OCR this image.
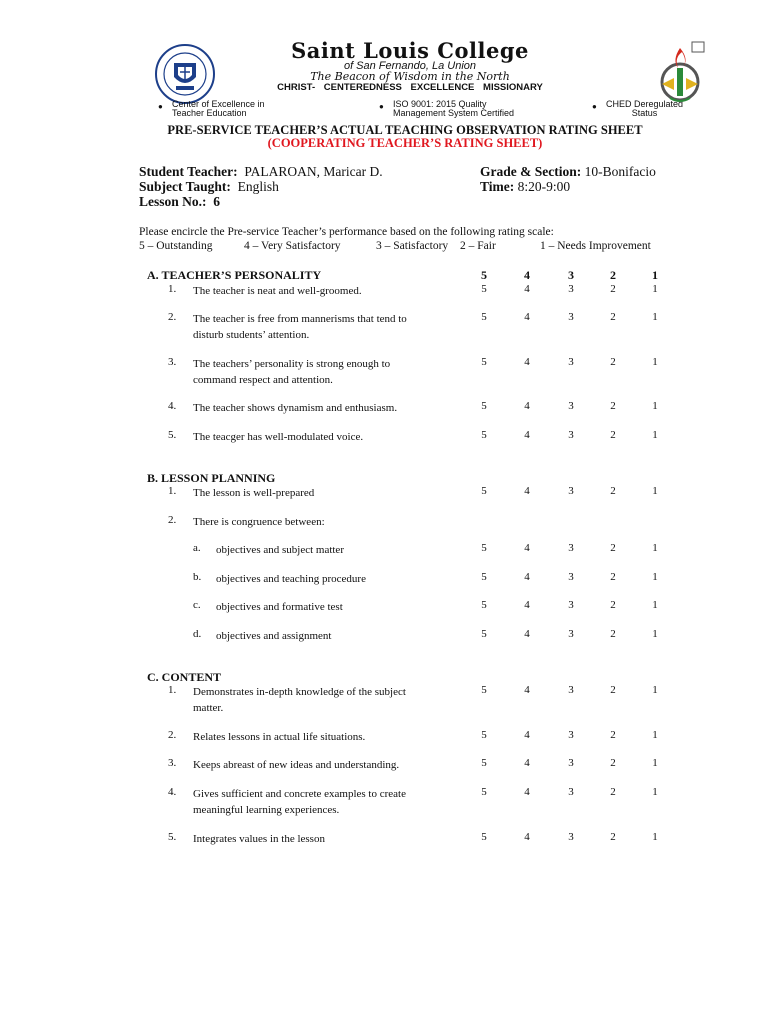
Saint Louis College
of San Fernando, La Union
The Beacon of Wisdom in the North
CHRIST- CENTEREDNESS EXCELLENCE MISSIONARY
● Center of Excellence in
Teacher Education
● ISO 9001: 2015 Quality
Management System Certified
● CHED Deregulated
Status
PRE-SERVICE TEACHER’S ACTUAL TEACHING OBSERVATION RATING SHEET
(COOPERATING TEACHER’S RATING SHEET)
Student Teacher: PALAROAN, Maricar D.
Subject Taught: English
Lesson No.: 6
Grade & Section: 10-Bonifacio
Time: 8:20-9:00
Please encircle the Pre-service Teacher’s performance based on the following rating scale:
5 – Outstanding	4 – Very Satisfactory	3 – Satisfactory 2 – Fair	1 – Needs Improvement
A. TEACHER’S PERSONALITY	5	4	3	2	1
1. The teacher is neat and well-groomed.	5	4	3	2	1
2. The teacher is free from mannerisms that tend to
disturb students’ attention.
5	4	3	2	1
3. The teachers’ personality is strong enough to
command respect and attention.
5	4	3	2	1
4. The teacher shows dynamism and enthusiasm.	5	4	3	2	1
5. The teacger has well-modulated voice.	5	4	3	2	1
B. LESSON PLANNING
1. The lesson is well-prepared	5	4	3	2	1
2. There is congruence between:
a. objectives and subject matter	5	4	3	2	1
b. objectives and teaching procedure	5	4	3	2	1
c. objectives and formative test	5	4	3	2	1
d. objectives and assignment	5	4	3	2	1
C. CONTENT
1. Demonstrates in-depth knowledge of the subject
matter.
5	4	3	2	1
2. Relates lessons in actual life situations.	5	4	3	2	1
3. Keeps abreast of new ideas and understanding.	5	4	3	2	1
4. Gives sufficient and concrete examples to create
meaningful learning experiences.
5	4	3	2	1
5. Integrates values in the lesson	5	4	3	2	1
